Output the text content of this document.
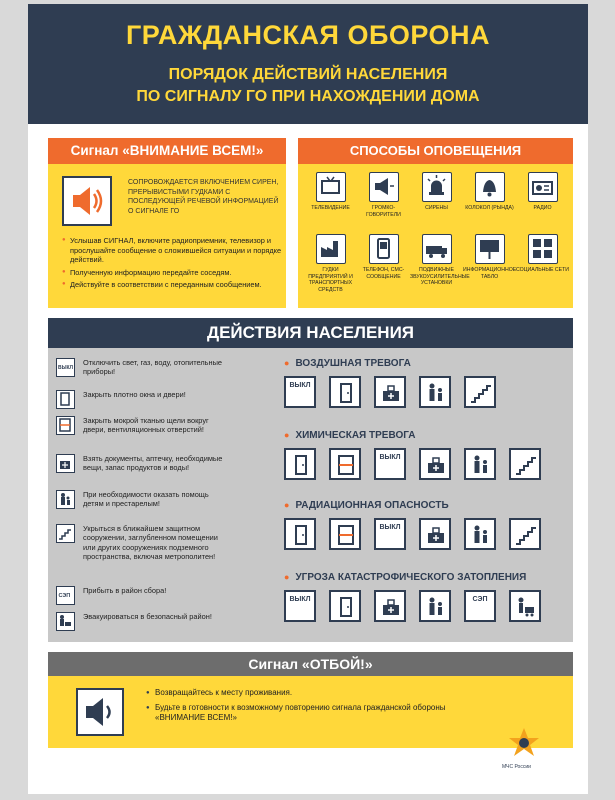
ГРАЖДАНСКАЯ ОБОРОНА
ПОРЯДОК ДЕЙСТВИЙ НАСЕЛЕНИЯ
ПО СИГНАЛУ ГО ПРИ НАХОЖДЕНИИ ДОМА
Сигнал «ВНИМАНИЕ ВСЕМ!»
СОПРОВОЖДАЕТСЯ ВКЛЮЧЕНИЕМ СИРЕН, ПРЕРЫВИСТЫМИ ГУДКАМИ С ПОСЛЕДУЮЩЕЙ РЕЧЕВОЙ ИНФОРМАЦИЕЙ О СИГНАЛЕ ГО
● Услышав СИГНАЛ, включите радиоприемник, телевизор и прослушайте сообщение о сложившейся ситуации и порядке действий.
● Полученную информацию передайте соседям.
● Действуйте в соответствии с переданным сообщением.
СПОСОБЫ ОПОВЕЩЕНИЯ
ТЕЛЕВИДЕНИЕ	ГРОМКО-ГОВОРИТЕЛИ
СИРЕНЫ	КОЛОКОЛ (РЫНДА)	РАДИО
ГУДКИ ПРЕДПРИЯТИЙ И ТРАНСПОРТНЫХ СРЕДСТВ
ТЕЛЕФОН, СМС-СООБЩЕНИЕ
ПОДВИЖНЫЕ ЗВУКОУСИЛИТЕЛЬНЫЕ УСТАНОВКИ
ИНФОРМАЦИОННОЕ ТАБЛО
СОЦИАЛЬНЫЕ СЕТИ
ДЕЙСТВИЯ НАСЕЛЕНИЯ
ВЫКЛ
Отключить свет, газ, воду, отопительные приборы!
Закрыть плотно окна и двери!
Закрыть мокрой тканью щели вокруг двери, вентиляционных отверстий!
Взять документы, аптечку, необходимые вещи, запас продуктов и воды!
При необходимости оказать помощь детям и престарелым!
Укрыться в ближайшем защитном сооружении, заглубленном помещении или других сооружениях подземного пространства, включая метрополитен!
СЭП
Прибыть в район сбора!
Эвакуироваться в безопасный район!
● ВОЗДУШНАЯ ТРЕВОГА
ВЫКЛ
● ХИМИЧЕСКАЯ ТРЕВОГА
ВЫКЛ
● РАДИАЦИОННАЯ ОПАСНОСТЬ
ВЫКЛ
● УГРОЗА КАТАСТРОФИЧЕСКОГО ЗАТОПЛЕНИЯ
ВЫКЛ	СЭП
Сигнал «ОТБОЙ!»
● Возвращайтесь к месту проживания.
● Будьте в готовности к возможному повторению сигнала гражданской обороны «ВНИМАНИЕ ВСЕМ!»
МЧС России
